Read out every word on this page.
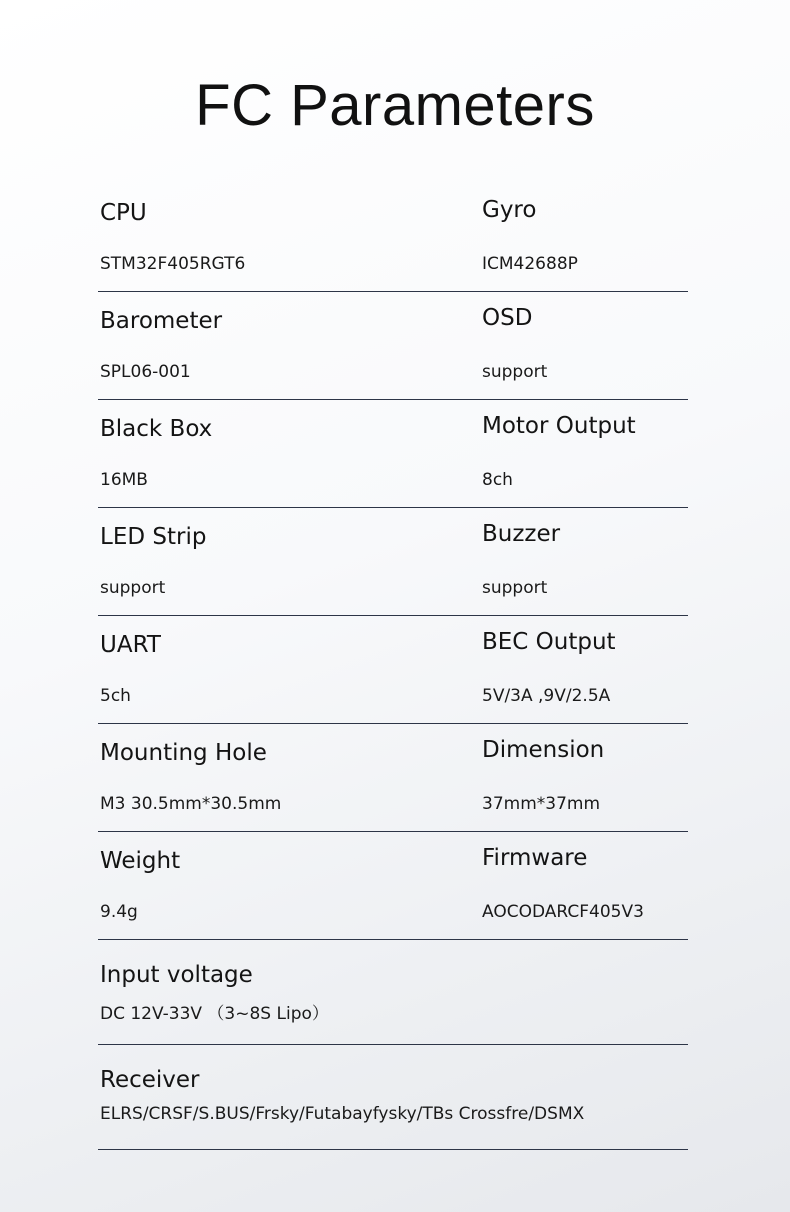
FC Parameters
CPU
STM32F405RGT6
Gyro
ICM42688P
Barometer
SPL06-001
OSD
support
Black Box
16MB
Motor Output
8ch
LED Strip
support
Buzzer
support
UART
5ch
BEC Output
5V/3A ,9V/2.5A
Mounting Hole
M3 30.5mm*30.5mm
Dimension
37mm*37mm
Weight
9.4g
Firmware
AOCODARCF405V3
Input voltage
DC 12V-33V （3~8S Lipo）
Receiver
ELRS/CRSF/S.BUS/Frsky/Futabayfysky/TBs Crossfre/DSMX
